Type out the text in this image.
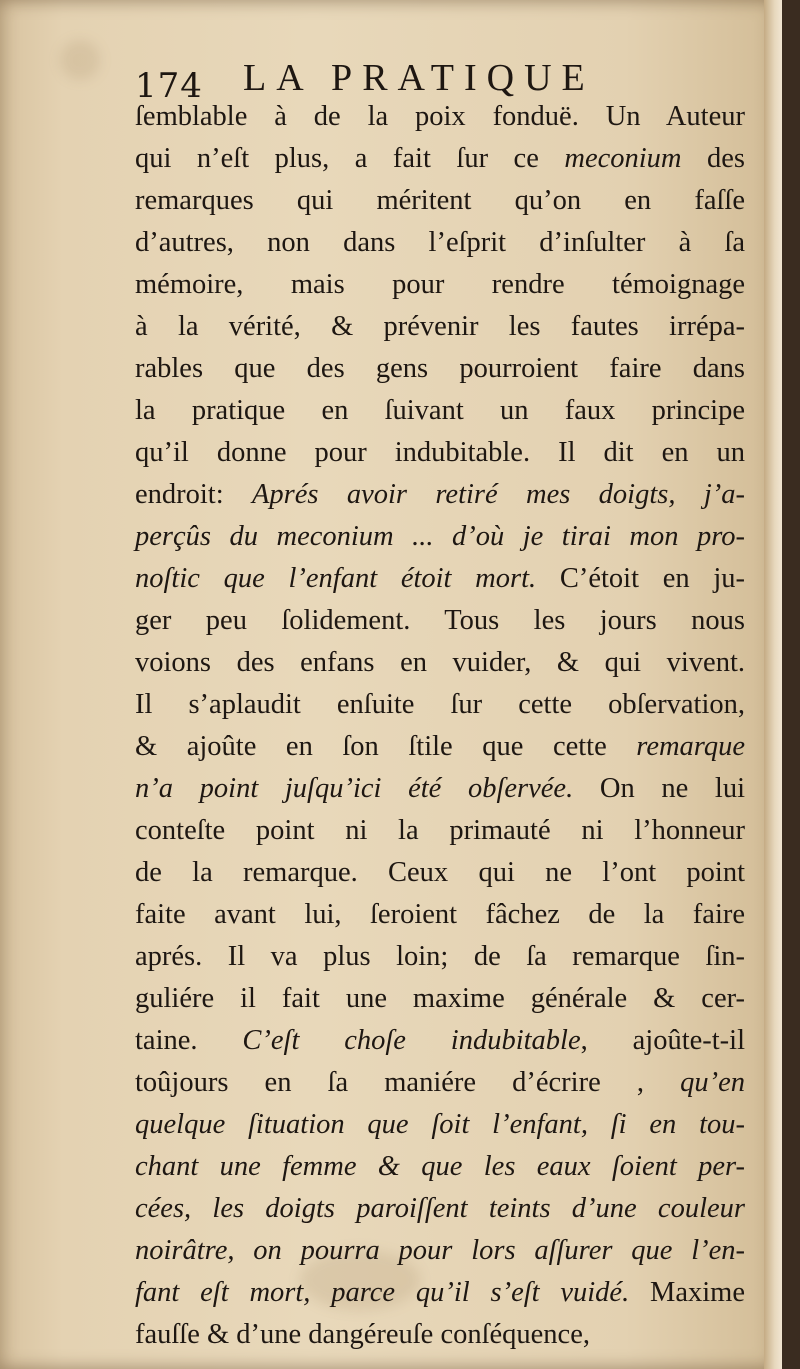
174 LA PRATIQUE
ſemblable à de la poix fonduë. Un Auteur
qui n’eſt plus, a fait ſur ce meconium des
remarques qui méritent qu’on en faſſe
d’autres, non dans l’eſprit d’inſulter à ſa
mémoire, mais pour rendre témoignage
à la vérité, & prévenir les fautes irrépa-
rables que des gens pourroient faire dans
la pratique en ſuivant un faux principe
qu’il donne pour indubitable. Il dit en un
endroit: Aprés avoir retiré mes doigts, j’a-
perçûs du meconium ... d’où je tirai mon pro-
noſtic que l’enfant étoit mort. C’étoit en ju-
ger peu ſolidement. Tous les jours nous
voions des enfans en vuider, & qui vivent.
Il s’aplaudit enſuite ſur cette obſervation,
& ajoûte en ſon ſtile que cette remarque
n’a point juſqu’ici été obſervée. On ne lui
conteſte point ni la primauté ni l’honneur
de la remarque. Ceux qui ne l’ont point
faite avant lui, ſeroient fâchez de la faire
aprés. Il va plus loin; de ſa remarque ſin-
guliére il fait une maxime générale & cer-
taine. C’eſt choſe indubitable, ajoûte-t-il
toûjours en ſa maniére d’écrire , qu’en
quelque ſituation que ſoit l’enfant, ſi en tou-
chant une femme & que les eaux ſoient per-
cées, les doigts paroiſſent teints d’une couleur
noirâtre, on pourra pour lors aſſurer que l’en-
fant eſt mort, parce qu’il s’eſt vuidé. Maxime
fauſſe & d’une dangéreuſe conſéquence,
